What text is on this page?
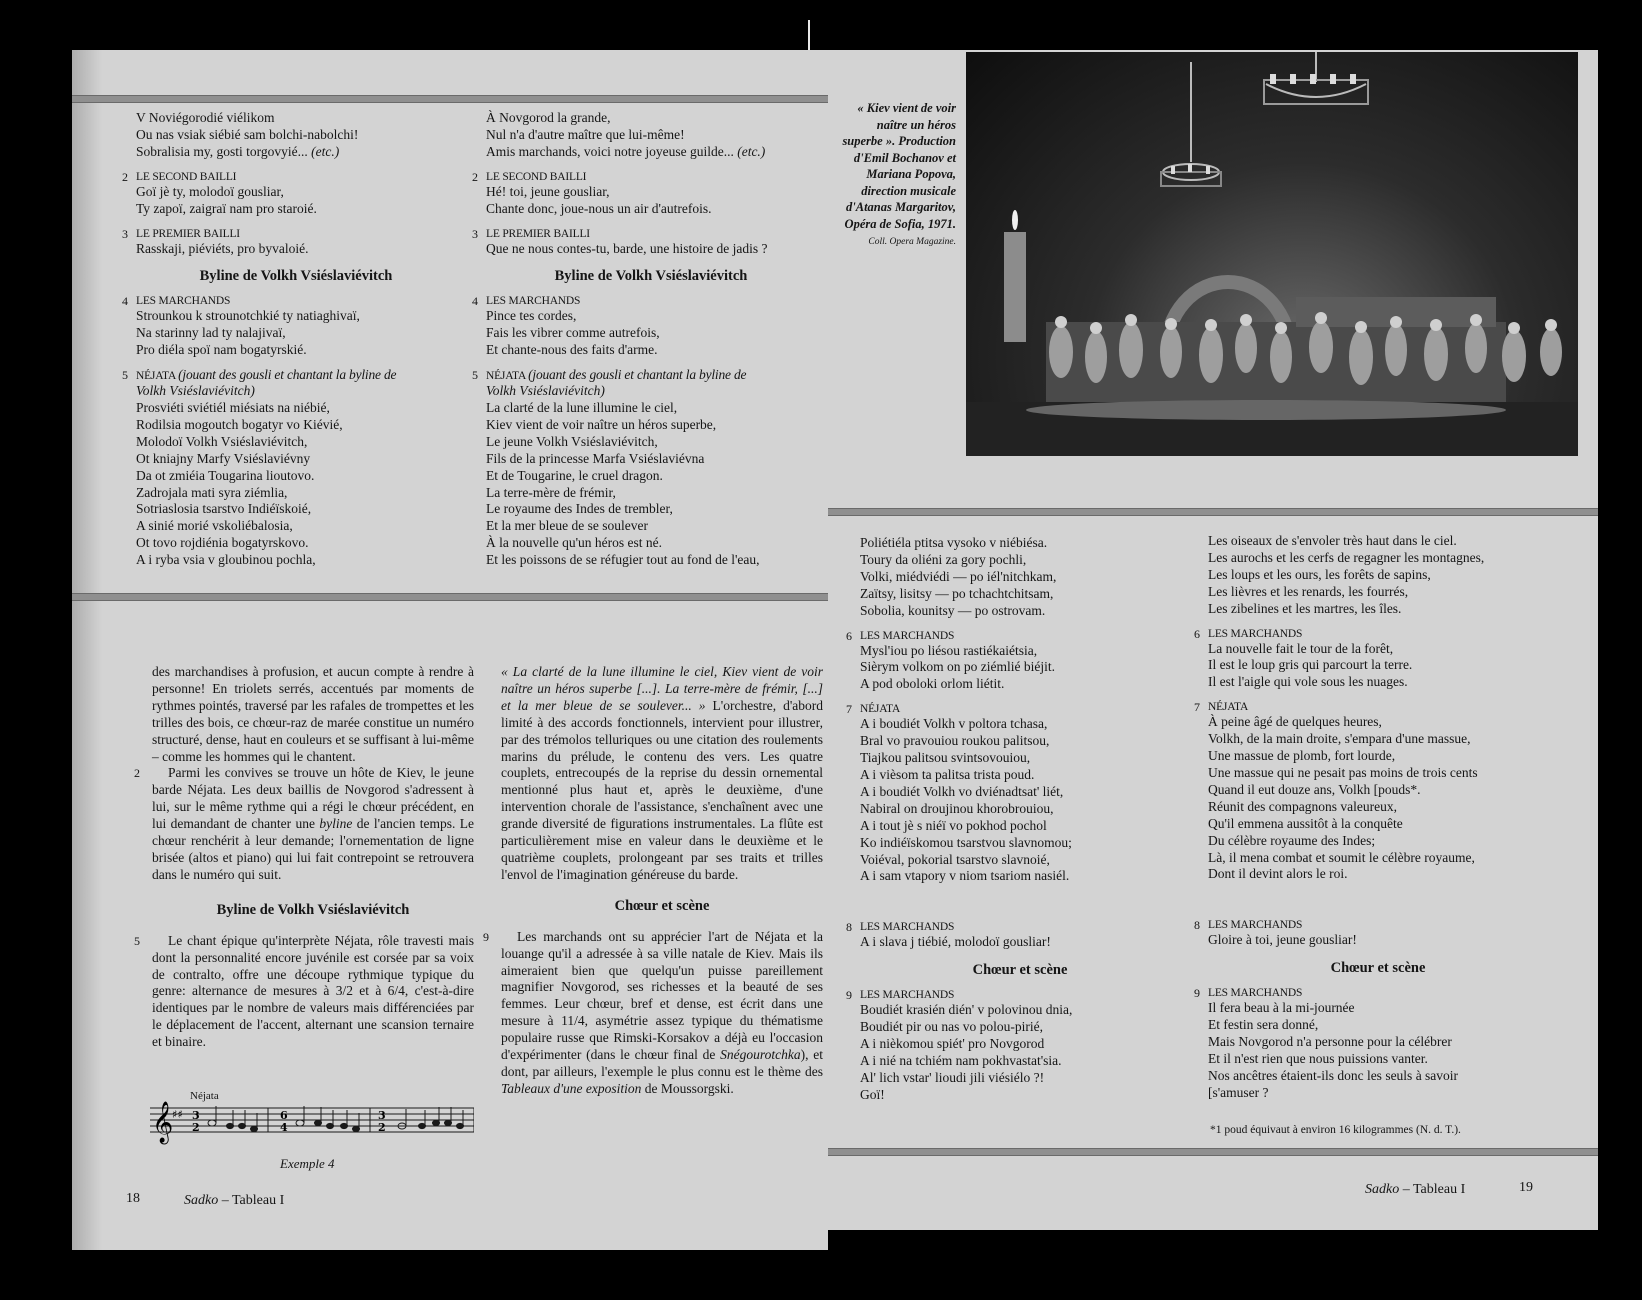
V Noviégorodié viélikom
Ou nas vsiak siébié sam bolchi-nabolchi!
Sobralisia my, gosti torgovyié... (etc.)
2 LE SECOND BAILLI
Goï jè ty, molodoï gousliar,
Ty zapoï, zaigraï nam pro staroié.
3 LE PREMIER BAILLI
Rasskaji, piéviéts, pro byvaloié.
Byline de Volkh Vsiéslaviévitch
4 LES MARCHANDS
Strounkou k strounotchkié ty natiaghivaï,
Na starinny lad ty nalajivaï,
Pro diéla spoï nam bogatyrskié.
5 NÉJATA (jouant des gousli et chantant la byline de
Volkh Vsiéslaviévitch)
Prosviéti sviétiél miésiats na niébié,
Rodilsia mogoutch bogatyr vo Kiévié,
Molodoï Volkh Vsiéslaviévitch,
Ot kniajny Marfy Vsiéslaviévny
Da ot zmiéia Tougarina lioutovo.
Zadrojala mati syra ziémlia,
Sotriaslosia tsarstvo Indiéïskoié,
A sinié morié vskoliébalosia,
Ot tovo rojdiénia bogatyrskovo.
A i ryba vsia v gloubinou pochla,
À Novgorod la grande,
Nul n'a d'autre maître que lui-même!
Amis marchands, voici notre joyeuse guilde... (etc.)
2 LE SECOND BAILLI
Hé! toi, jeune gousliar,
Chante donc, joue-nous un air d'autrefois.
3 LE PREMIER BAILLI
Que ne nous contes-tu, barde, une histoire de jadis ?
Byline de Volkh Vsiéslaviévitch
4 LES MARCHANDS
Pince tes cordes,
Fais les vibrer comme autrefois,
Et chante-nous des faits d'arme.
5 NÉJATA (jouant des gousli et chantant la byline de
Volkh Vsiéslaviévitch)
La clarté de la lune illumine le ciel,
Kiev vient de voir naître un héros superbe,
Le jeune Volkh Vsiéslaviévitch,
Fils de la princesse Marfa Vsiéslaviévna
Et de Tougarine, le cruel dragon.
La terre-mère de frémir,
Le royaume des Indes de trembler,
Et la mer bleue de se soulever
À la nouvelle qu'un héros est né.
Et les poissons de se réfugier tout au fond de l'eau,

des marchandises à profusion, et aucun compte à rendre à personne! En triolets serrés, accentués par moments de rythmes pointés, traversé par les rafales de trompettes et les trilles des bois, ce chœur-raz de marée constitue un numéro structuré, dense, haut en couleurs et se suffisant à lui-même – comme les hommes qui le chantent.

2 Parmi les convives se trouve un hôte de Kiev, le jeune barde Néjata. Les deux baillis de Novgorod s'adressent à lui, sur le même rythme qui a régi le chœur précédent, en lui demandant de chanter une byline de l'ancien temps. Le chœur renchérit à leur demande; l'ornementation de ligne brisée (altos et piano) qui lui fait contrepoint se retrouvera dans le numéro qui suit.

Byline de Volkh Vsiéslaviévitch

5 Le chant épique qu'interprète Néjata, rôle travesti mais dont la personnalité encore juvénile est corsée par sa voix de contralto, offre une découpe rythmique typique du genre: alternance de mesures à 3/2 et à 6/4, c'est-à-dire identiques par le nombre de valeurs mais différenciées par le déplacement de l'accent, alternant une scansion ternaire et binaire.

Néjata
𝄞
♯♯ 3
2
6
4
3
2
Exemple 4

« La clarté de la lune illumine le ciel, Kiev vient de voir naître un héros superbe [...]. La terre-mère de frémir, [...] et la mer bleue de se soulever... » L'orchestre, d'abord limité à des accords fonctionnels, intervient pour illustrer, par des trémolos telluriques ou une citation des roulements marins du prélude, le contenu des vers. Les quatre couplets, entrecoupés de la reprise du dessin ornemental mentionné plus haut et, après le deuxième, d'une intervention chorale de l'assistance, s'enchaînent avec une grande diversité de figurations instrumentales. La flûte est particulièrement mise en valeur dans le deuxième et le quatrième couplets, prolongeant par ses traits et trilles l'envol de l'imagination généreuse du barde.

Chœur et scène

9 Les marchands ont su apprécier l'art de Néjata et la louange qu'il a adressée à sa ville natale de Kiev. Mais ils aimeraient bien que quelqu'un puisse pareillement magnifier Novgorod, ses richesses et la beauté de ses femmes. Leur chœur, bref et dense, est écrit dans une mesure à 11/4, asymétrie assez typique du thématisme populaire russe que Rimski-Korsakov a déjà eu l'occasion d'expérimenter (dans le chœur final de Snégourotchka), et dont, par ailleurs, l'exemple le plus connu est le thème des Tableaux d'une exposition de Moussorgski.

18	Sadko – Tableau I
« Kiev vient de voir naître un héros superbe ». Production d'Emil Bochanov et Mariana Popova, direction musicale d'Atanas Margaritov, Opéra de Sofia, 1971.
Coll. Opera Magazine.
Poliétiéla ptitsa vysoko v niébiésa.
Toury da oliéni za gory pochli,
Volki, miédviédi — po iél'nitchkam,
Zaïtsy, lisitsy — po tchachtchitsam,
Sobolia, kounitsy — po ostrovam.
6 LES MARCHANDS
Mysl'iou po liésou rastiékaiétsia,
Sièrym volkom on po ziémlié biéjit.
A pod oboloki orlom liétit.
7 NÉJATA
A i boudiét Volkh v poltora tchasa,
Bral vo pravouiou roukou palitsou,
Tiajkou palitsou svintsovouiou,
A i vièsom ta palitsa trista poud.
A i boudiét Volkh vo dviénadtsat' liét,
Nabiral on droujinou khorobrouiou,
A i tout jè s niéï vo pokhod pochol
Ko indiéïskomou tsarstvou slavnomou;
Voiéval, pokorial tsarstvo slavnoié,
A i sam vtapory v niom tsariom nasiél.
8 LES MARCHANDS
A i slava j tiébié, molodoï gousliar!
Chœur et scène
9 LES MARCHANDS
Boudiét krasién dién' v polovinou dnia,
Boudiét pir ou nas vo polou-pirié,
A i nièkomou spiét' pro Novgorod
A i nié na tchiém nam pokhvastat'sia.
Al' lich vstar' lioudi jili viésiélo ?!
Goï!
Les oiseaux de s'envoler très haut dans le ciel.
Les aurochs et les cerfs de regagner les montagnes,
Les loups et les ours, les forêts de sapins,
Les lièvres et les renards, les fourrés,
Les zibelines et les martres, les îles.
6 LES MARCHANDS
La nouvelle fait le tour de la forêt,
Il est le loup gris qui parcourt la terre.
Il est l'aigle qui vole sous les nuages.
7 NÉJATA
À peine âgé de quelques heures,
Volkh, de la main droite, s'empara d'une massue,
Une massue de plomb, fort lourde,
Une massue qui ne pesait pas moins de trois cents
Quand il eut douze ans, Volkh [pouds*.
Réunit des compagnons valeureux,
Qu'il emmena aussitôt à la conquête
Du célèbre royaume des Indes;
Là, il mena combat et soumit le célèbre royaume,
Dont il devint alors le roi.
8 LES MARCHANDS
Gloire à toi, jeune gousliar!
Chœur et scène
9 LES MARCHANDS
Il fera beau à la mi-journée
Et festin sera donné,
Mais Novgorod n'a personne pour la célébrer
Et il n'est rien que nous puissions vanter.
Nos ancêtres étaient-ils donc les seuls à savoir
[s'amuser ?
*1 poud équivaut à environ 16 kilogrammes (N. d. T.).
Sadko – Tableau I	19
